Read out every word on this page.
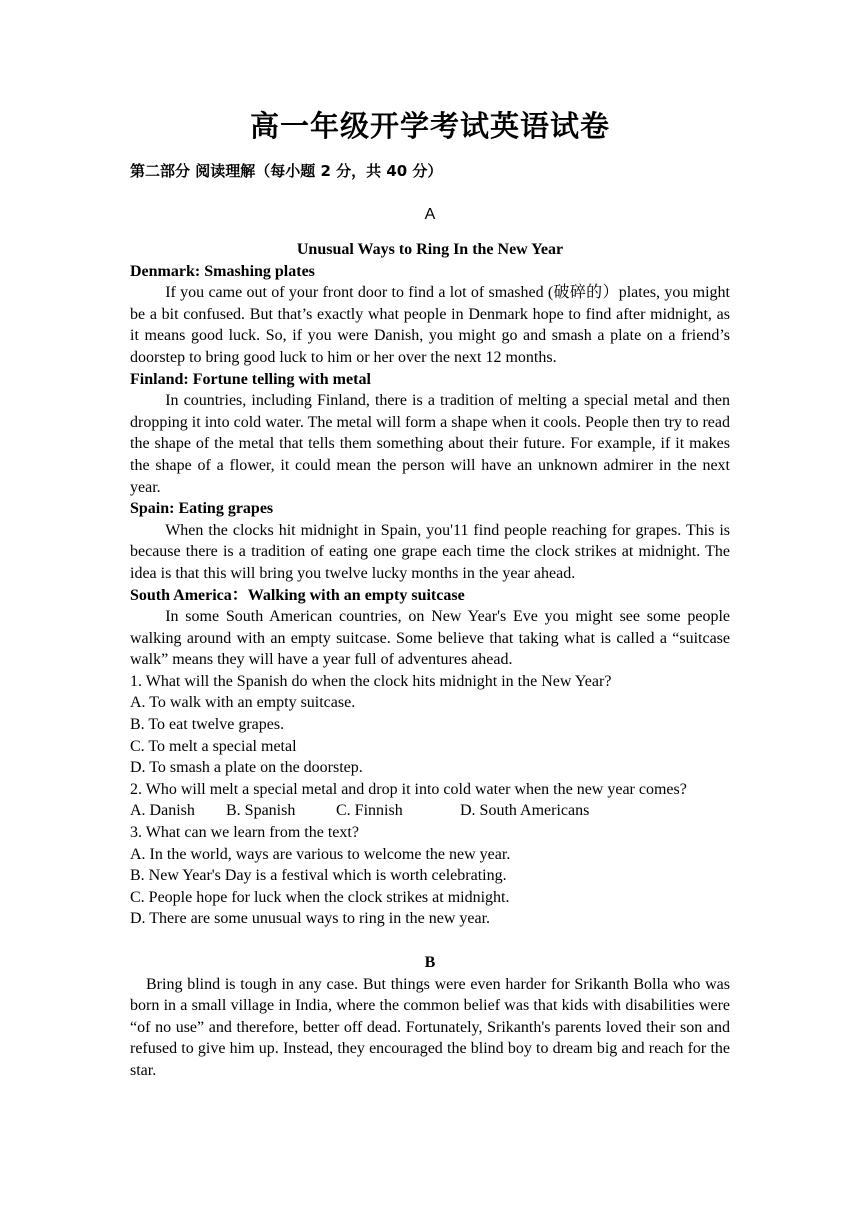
高一年级开学考试英语试卷
第二部分 阅读理解（每小题 2 分，共 40 分）
A
Unusual Ways to Ring In the New Year
Denmark: Smashing plates
If you came out of your front door to find a lot of smashed (破碎的）plates, you might be a bit confused. But that’s exactly what people in Denmark hope to find after midnight, as it means good luck. So, if you were Danish, you might go and smash a plate on a friend’s doorstep to bring good luck to him or her over the next 12 months.
Finland: Fortune telling with metal
In countries, including Finland, there is a tradition of melting a special metal and then dropping it into cold water. The metal will form a shape when it cools. People then try to read the shape of the metal that tells them something about their future. For example, if it makes the shape of a flower, it could mean the person will have an unknown admirer in the next year.
Spain: Eating grapes
When the clocks hit midnight in Spain, you'11 find people reaching for grapes. This is because there is a tradition of eating one grape each time the clock strikes at midnight. The idea is that this will bring you twelve lucky months in the year ahead.
South America：Walking with an empty suitcase
In some South American countries, on New Year's Eve you might see some people walking around with an empty suitcase. Some believe that taking what is called a “suitcase walk” means they will have a year full of adventures ahead.
1. What will the Spanish do when the clock hits midnight in the New Year?
A. To walk with an empty suitcase.
B. To eat twelve grapes.
C. To melt a special metal
D. To smash a plate on the doorstep.
2. Who will melt a special metal and drop it into cold water when the new year comes?
A. Danish	B. Spanish	C. Finnish	D. South Americans
3. What can we learn from the text?
A. In the world, ways are various to welcome the new year.
B. New Year's Day is a festival which is worth celebrating.
C. People hope for luck when the clock strikes at midnight.
D. There are some unusual ways to ring in the new year.
B
Bring blind is tough in any case. But things were even harder for Srikanth Bolla who was born in a small village in India, where the common belief was that kids with disabilities were “of no use” and therefore, better off dead. Fortunately, Srikanth's parents loved their son and refused to give him up. Instead, they encouraged the blind boy to dream big and reach for the star.
